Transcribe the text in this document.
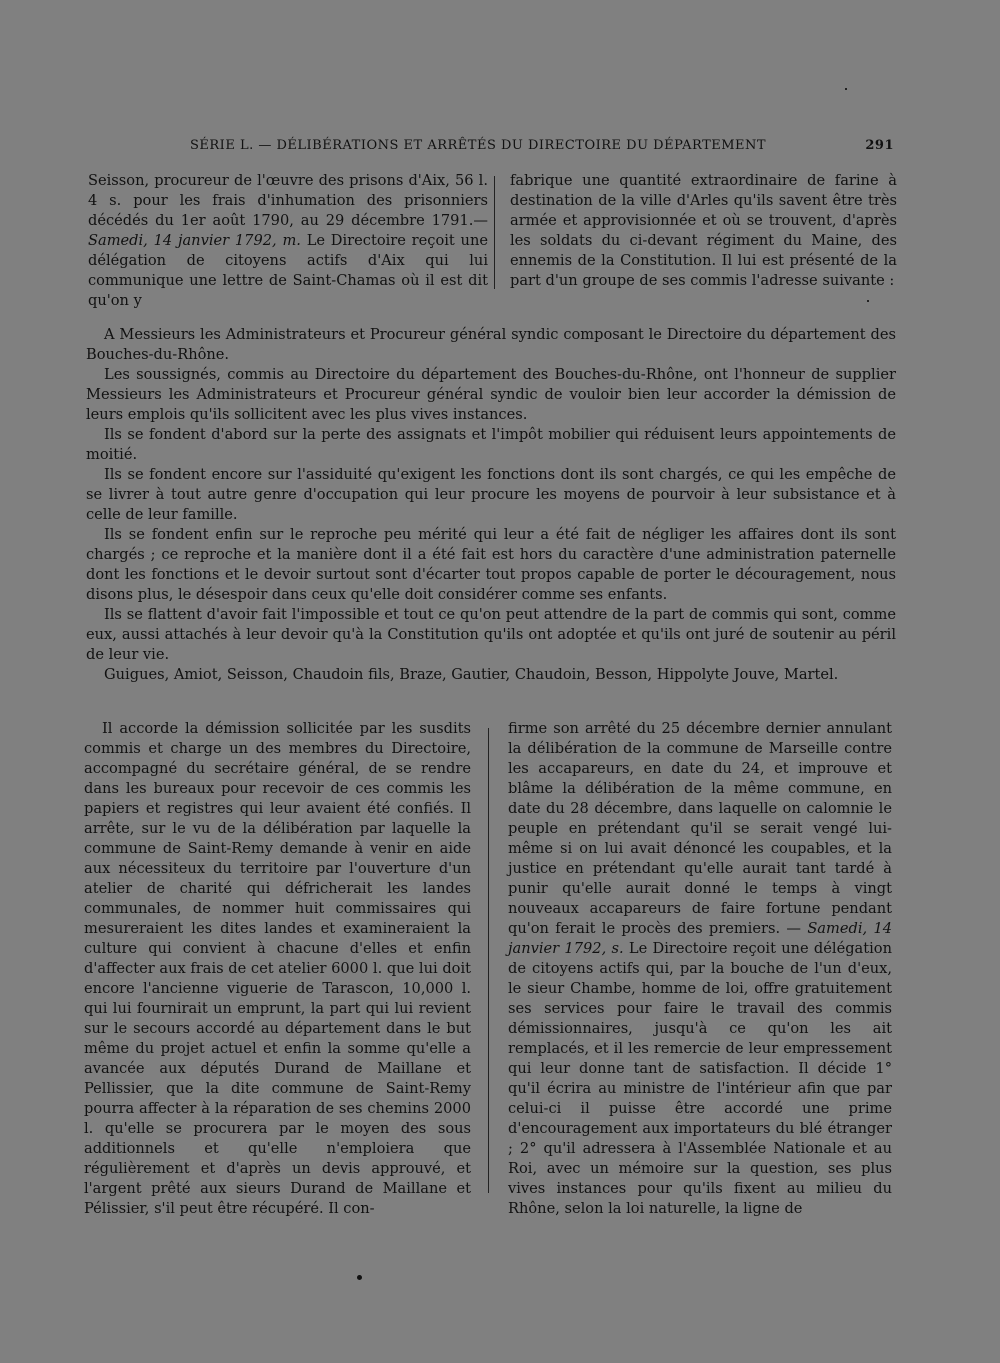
SÉRIE L. — DÉLIBÉRATIONS ET ARRÊTÉS DU DIRECTOIRE DU DÉPARTEMENT	291

Seisson, procureur de l'œuvre des prisons d'Aix, 56 l. 4 s. pour les frais d'inhumation des prisonniers décédés du 1er août 1790, au 29 décembre 1791.— Samedi, 14 janvier 1792, m. Le Directoire reçoit une délégation de citoyens actifs d'Aix qui lui communique une lettre de Saint-Chamas où il est dit qu'on y

fabrique une quantité extraordinaire de farine à destination de la ville d'Arles qu'ils savent être très armée et approvisionnée et où se trouvent, d'après les soldats du ci-devant régiment du Maine, des ennemis de la Constitution. Il lui est présenté de la part d'un groupe de ses commis l'adresse suivante :

A Messieurs les Administrateurs et Procureur général syndic composant le Directoire du département des Bouches-du-Rhône.

Les soussignés, commis au Directoire du département des Bouches-du-Rhône, ont l'honneur de supplier Messieurs les Administrateurs et Procureur général syndic de vouloir bien leur accorder la démission de leurs emplois qu'ils sollicitent avec les plus vives instances.

Ils se fondent d'abord sur la perte des assignats et l'impôt mobilier qui réduisent leurs appointements de moitié.

Ils se fondent encore sur l'assiduité qu'exigent les fonctions dont ils sont chargés, ce qui les empêche de se livrer à tout autre genre d'occupation qui leur procure les moyens de pourvoir à leur subsistance et à celle de leur famille.

Ils se fondent enfin sur le reproche peu mérité qui leur a été fait de négliger les affaires dont ils sont chargés ; ce reproche et la manière dont il a été fait est hors du caractère d'une administration paternelle dont les fonctions et le devoir surtout sont d'écarter tout propos capable de porter le découragement, nous disons plus, le désespoir dans ceux qu'elle doit considérer comme ses enfants.

Ils se flattent d'avoir fait l'impossible et tout ce qu'on peut attendre de la part de commis qui sont, comme eux, aussi attachés à leur devoir qu'à la Constitution qu'ils ont adoptée et qu'ils ont juré de soutenir au péril de leur vie.

Guigues, Amiot, Seisson, Chaudoin fils, Braze, Gautier, Chaudoin, Besson, Hippolyte Jouve, Martel.

Il accorde la démission sollicitée par les susdits commis et charge un des membres du Directoire, accompagné du secrétaire général, de se rendre dans les bureaux pour recevoir de ces commis les papiers et registres qui leur avaient été confiés. Il arrête, sur le vu de la délibération par laquelle la commune de Saint-Remy demande à venir en aide aux nécessiteux du territoire par l'ouverture d'un atelier de charité qui défricherait les landes communales, de nommer huit commissaires qui mesureraient les dites landes et examineraient la culture qui convient à chacune d'elles et enfin d'affecter aux frais de cet atelier 6000 l. que lui doit encore l'ancienne viguerie de Tarascon, 10,000 l. qui lui fournirait un emprunt, la part qui lui revient sur le secours accordé au département dans le but même du projet actuel et enfin la somme qu'elle a avancée aux députés Durand de Maillane et Pellissier, que la dite commune de Saint-Remy pourra affecter à la réparation de ses chemins 2000 l. qu'elle se procurera par le moyen des sous additionnels et qu'elle n'emploiera que régulièrement et d'après un devis approuvé, et l'argent prêté aux sieurs Durand de Maillane et Pélissier, s'il peut être récupéré. Il con-

firme son arrêté du 25 décembre dernier annulant la délibération de la commune de Marseille contre les accapareurs, en date du 24, et improuve et blâme la délibération de la même commune, en date du 28 décembre, dans laquelle on calomnie le peuple en prétendant qu'il se serait vengé lui-même si on lui avait dénoncé les coupables, et la justice en prétendant qu'elle aurait tant tardé à punir qu'elle aurait donné le temps à vingt nouveaux accapareurs de faire fortune pendant qu'on ferait le procès des premiers. — Samedi, 14 janvier 1792, s. Le Directoire reçoit une délégation de citoyens actifs qui, par la bouche de l'un d'eux, le sieur Chambe, homme de loi, offre gratuitement ses services pour faire le travail des commis démissionnaires, jusqu'à ce qu'on les ait remplacés, et il les remercie de leur empressement qui leur donne tant de satisfaction. Il décide 1° qu'il écrira au ministre de l'intérieur afin que par celui-ci il puisse être accordé une prime d'encouragement aux importateurs du blé étranger ; 2° qu'il adressera à l'Assemblée Nationale et au Roi, avec un mémoire sur la question, ses plus vives instances pour qu'ils fixent au milieu du Rhône, selon la loi naturelle, la ligne de
